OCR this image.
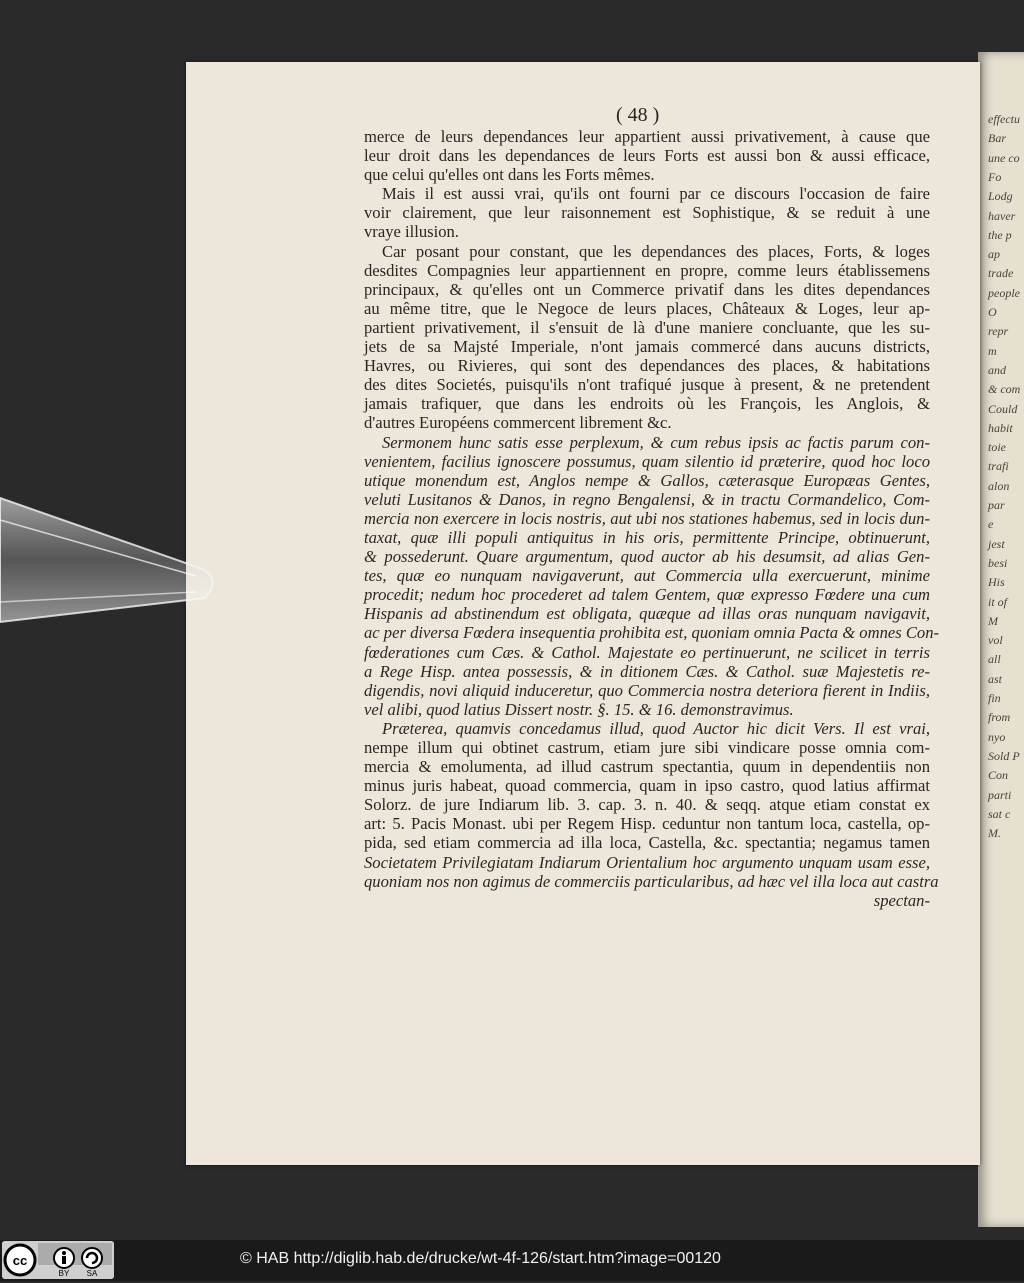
effectu
Bar
une co
Fo
Lodg
haver
the p
ap
trade
people
O
repr
m
and
& com
Could
habit
toie
trafi
alon
par
e
jest
besi
His
it of
M
vol
all
ast
fin
from
nyo
Sold P
Con
parti
sat c
M.
( 48 )
merce de leurs dependances leur appartient aussi privativement, à cause que
leur droit dans les dependances de leurs Forts est aussi bon & aussi efficace,
que celui qu'elles ont dans les Forts mêmes.
Mais il est aussi vrai, qu'ils ont fourni par ce discours l'occasion de faire
voir clairement, que leur raisonnement est Sophistique, & se reduit à une
vraye illusion.
Car posant pour constant, que les dependances des places, Forts, & loges
desdites Compagnies leur appartiennent en propre, comme leurs établissemens
principaux, & qu'elles ont un Commerce privatif dans les dites dependances
au même titre, que le Negoce de leurs places, Châteaux & Loges, leur ap-
partient privativement, il s'ensuit de là d'une maniere concluante, que les su-
jets de sa Majsté Imperiale, n'ont jamais commercé dans aucuns districts,
Havres, ou Rivieres, qui sont des dependances des places, & habitations
des dites Societés, puisqu'ils n'ont trafiqué jusque à present, & ne pretendent
jamais trafiquer, que dans les endroits où les François, les Anglois, &
d'autres Européens commercent librement &c.
Sermonem hunc satis esse perplexum, & cum rebus ipsis ac factis parum con-
venientem, facilius ignoscere possumus, quam silentio id præterire, quod hoc loco
utique monendum est, Anglos nempe & Gallos, cæterasque Europæas Gentes,
veluti Lusitanos & Danos, in regno Bengalensi, & in tractu Cormandelico, Com-
mercia non exercere in locis nostris, aut ubi nos stationes habemus, sed in locis dun-
taxat, quæ illi populi antiquitus in his oris, permittente Principe, obtinuerunt,
& possederunt. Quare argumentum, quod auctor ab his desumsit, ad alias Gen-
tes, quæ eo nunquam navigaverunt, aut Commercia ulla exercuerunt, minime
procedit; nedum hoc procederet ad talem Gentem, quæ expresso Fœdere una cum
Hispanis ad abstinendum est obligata, quæque ad illas oras nunquam navigavit,
ac per diversa Fœdera insequentia prohibita est, quoniam omnia Pacta & omnes Con-
fœderationes cum Cæs. & Cathol. Majestate eo pertinuerunt, ne scilicet in terris
a Rege Hisp. antea possessis, & in ditionem Cæs. & Cathol. suæ Majestetis re-
digendis, novi aliquid induceretur, quo Commercia nostra deteriora fierent in Indiis,
vel alibi, quod latius Dissert nostr. §. 15. & 16. demonstravimus.
Præterea, quamvis concedamus illud, quod Auctor hic dicit Vers. Il est vrai,
nempe illum qui obtinet castrum, etiam jure sibi vindicare posse omnia com-
mercia & emolumenta, ad illud castrum spectantia, quum in dependentiis non
minus juris habeat, quoad commercia, quam in ipso castro, quod latius affirmat
Solorz. de jure Indiarum lib. 3. cap. 3. n. 40. & seqq. atque etiam constat ex
art: 5. Pacis Monast. ubi per Regem Hisp. ceduntur non tantum loca, castella, op-
pida, sed etiam commercia ad illa loca, Castella, &c. spectantia; negamus tamen
Societatem Privilegiatam Indiarum Orientalium hoc argumento unquam usam esse,
quoniam nos non agimus de commerciis particularibus, ad hæc vel illa loca aut castra
spectan-
cc
BY SA
© HAB http://diglib.hab.de/drucke/wt-4f-126/start.htm?image=00120
